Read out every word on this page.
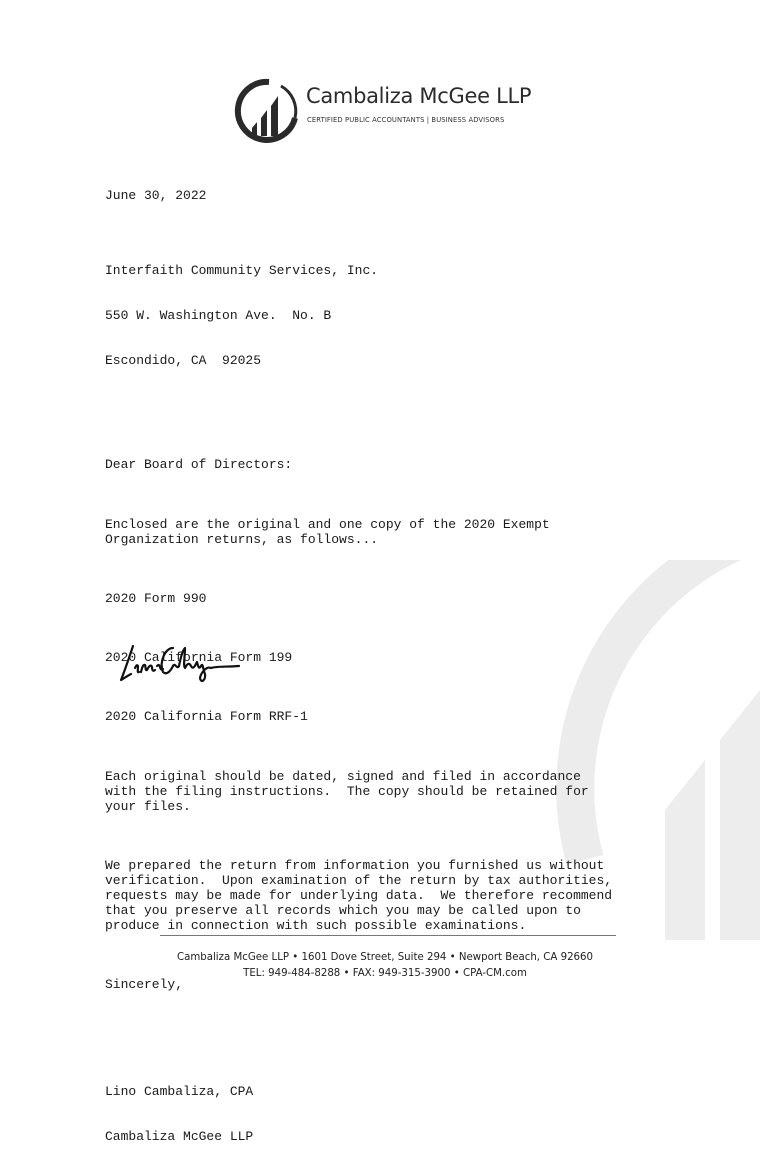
Cambaliza McGee LLP
CERTIFIED PUBLIC ACCOUNTANTS | BUSINESS ADVISORS

June 30, 2022

Interfaith Community Services, Inc.

550 W. Washington Ave.  No. B

Escondido, CA  92025

Dear Board of Directors:

Enclosed are the original and one copy of the 2020 Exempt
Organization returns, as follows...

2020 Form 990

2020 California Form 199

2020 California Form RRF-1

Each original should be dated, signed and filed in accordance
with the filing instructions.  The copy should be retained for
your files.

We prepared the return from information you furnished us without
verification.  Upon examination of the return by tax authorities,
requests may be made for underlying data.  We therefore recommend
that you preserve all records which you may be called upon to
produce in connection with such possible examinations.

Sincerely,

Lino Cambaliza, CPA

Cambaliza McGee LLP

Cambaliza McGee LLP • 1601 Dove Street, Suite 294 • Newport Beach, CA 92660
TEL: 949-484-8288 • FAX: 949-315-3900 • CPA-CM.com
